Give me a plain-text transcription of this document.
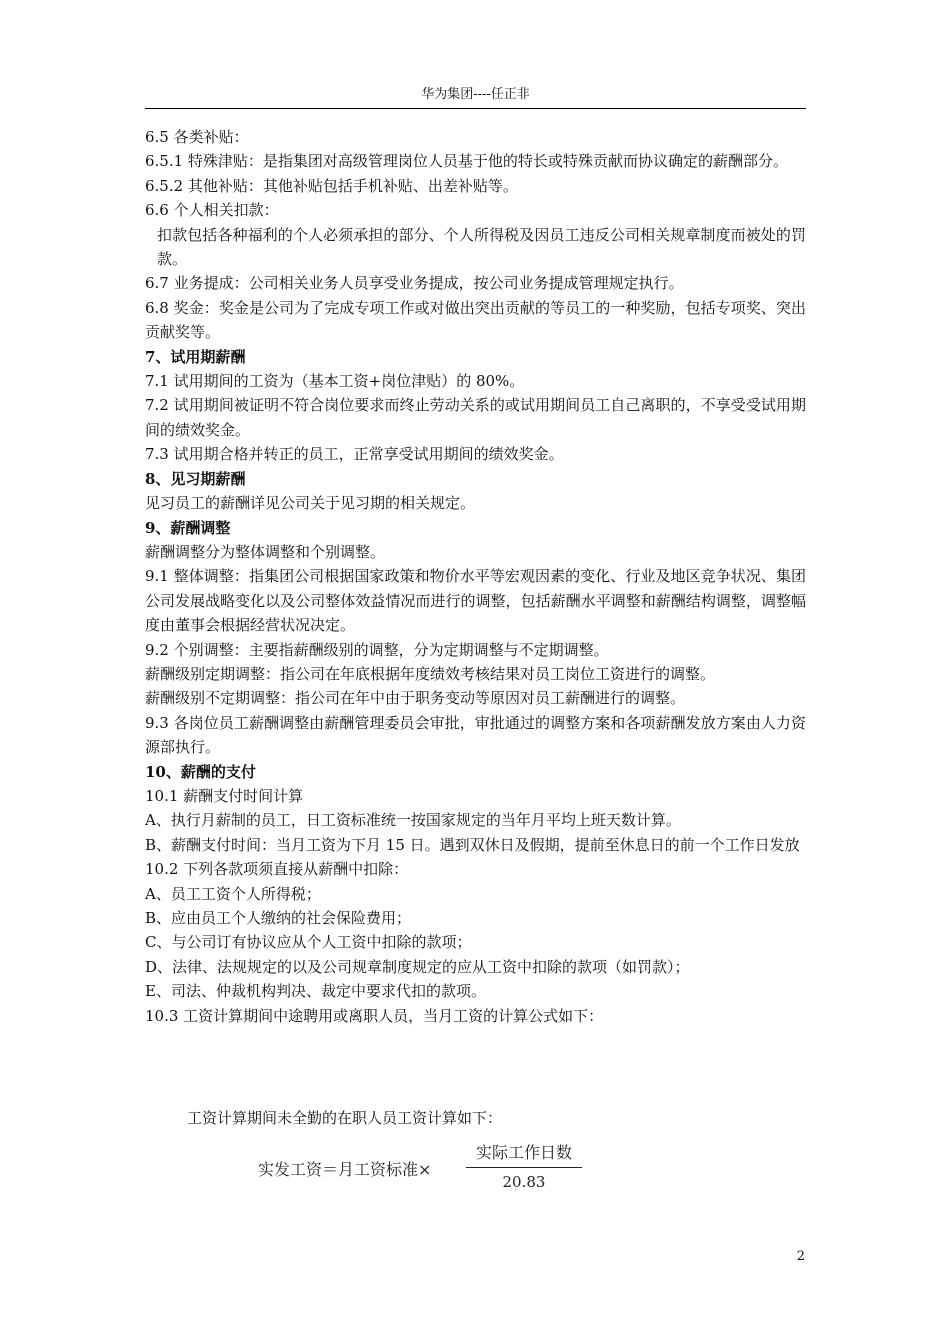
华为集团----任正非

6.5 各类补贴：

6.5.1 特殊津贴：是指集团对高级管理岗位人员基于他的特长或特殊贡献而协议确定的薪酬部分。

6.5.2 其他补贴：其他补贴包括手机补贴、出差补贴等。

6.6 个人相关扣款：

扣款包括各种福利的个人必须承担的部分、个人所得税及因员工违反公司相关规章制度而被处的罚款。

6.7 业务提成：公司相关业务人员享受业务提成，按公司业务提成管理规定执行。

6.8 奖金：奖金是公司为了完成专项工作或对做出突出贡献的等员工的一种奖励，包括专项奖、突出贡献奖等。

7、试用期薪酬

7.1 试用期间的工资为（基本工资+岗位津贴）的 80%。

7.2 试用期间被证明不符合岗位要求而终止劳动关系的或试用期间员工自己离职的，不享受受试用期间的绩效奖金。

7.3 试用期合格并转正的员工，正常享受试用期间的绩效奖金。

8、见习期薪酬

见习员工的薪酬详见公司关于见习期的相关规定。

9、薪酬调整

薪酬调整分为整体调整和个别调整。

9.1 整体调整：指集团公司根据国家政策和物价水平等宏观因素的变化、行业及地区竞争状况、集团公司发展战略变化以及公司整体效益情况而进行的调整，包括薪酬水平调整和薪酬结构调整，调整幅度由董事会根据经营状况决定。

9.2 个别调整：主要指薪酬级别的调整，分为定期调整与不定期调整。

薪酬级别定期调整：指公司在年底根据年度绩效考核结果对员工岗位工资进行的调整。

薪酬级别不定期调整：指公司在年中由于职务变动等原因对员工薪酬进行的调整。

9.3 各岗位员工薪酬调整由薪酬管理委员会审批，审批通过的调整方案和各项薪酬发放方案由人力资源部执行。

10、薪酬的支付

10.1 薪酬支付时间计算

A、执行月薪制的员工，日工资标准统一按国家规定的当年月平均上班天数计算。

B、薪酬支付时间：当月工资为下月 15 日。遇到双休日及假期，提前至休息日的前一个工作日发放

10.2 下列各款项须直接从薪酬中扣除：

A、员工工资个人所得税；

B、应由员工个人缴纳的社会保险费用；

C、与公司订有协议应从个人工资中扣除的款项；

D、法律、法规规定的以及公司规章制度规定的应从工资中扣除的款项（如罚款）；

E、司法、仲裁机构判决、裁定中要求代扣的款项。

10.3 工资计算期间中途聘用或离职人员，当月工资的计算公式如下：

工资计算期间未全勤的在职人员工资计算如下：
实发工资＝月工资标准×
实际工作日数
20.83
2
